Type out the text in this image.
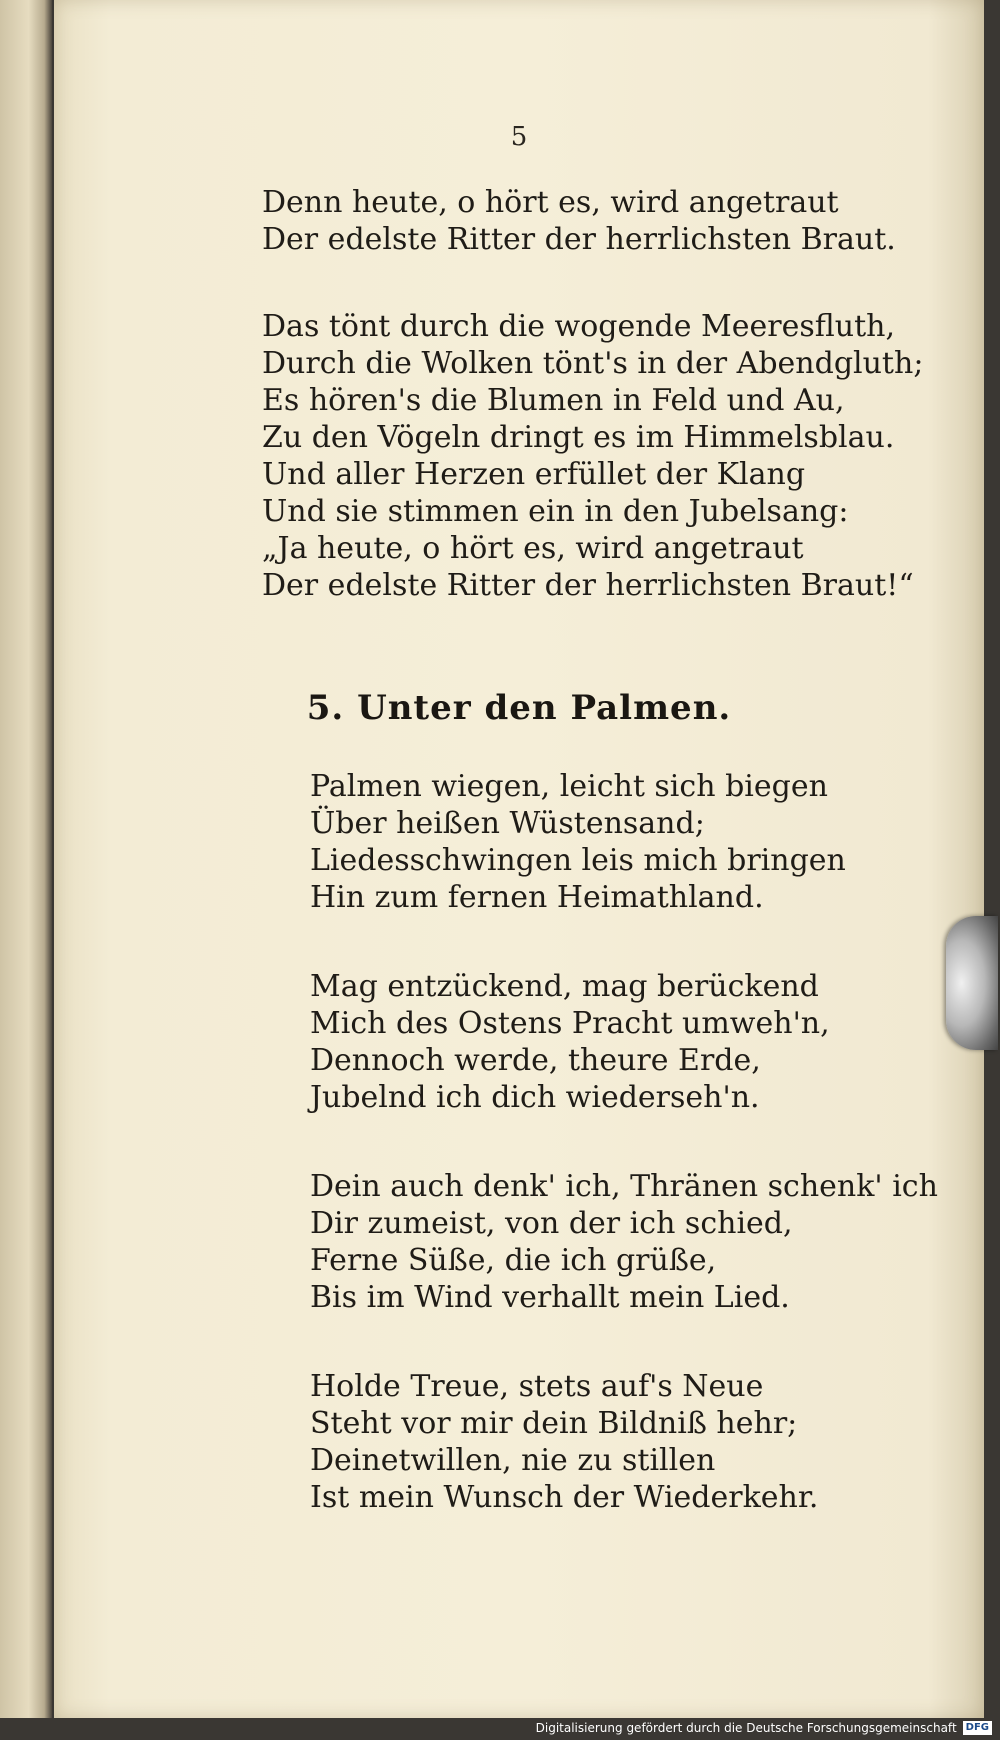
5
Denn heute, o hört es, wird angetraut
Der edelste Ritter der herrlichsten Braut.
Das tönt durch die wogende Meeresfluth,
Durch die Wolken tönt's in der Abendgluth;
Es hören's die Blumen in Feld und Au,
Zu den Vögeln dringt es im Himmelsblau.
Und aller Herzen erfüllet der Klang
Und sie stimmen ein in den Jubelsang:
„Ja heute, o hört es, wird angetraut
Der edelste Ritter der herrlichsten Braut!“
5. Unter den Palmen.
Palmen wiegen, leicht sich biegen
Über heißen Wüstensand;
Liedesschwingen leis mich bringen
Hin zum fernen Heimathland.
Mag entzückend, mag berückend
Mich des Ostens Pracht umweh'n,
Dennoch werde, theure Erde,
Jubelnd ich dich wiederseh'n.
Dein auch denk' ich, Thränen schenk' ich
Dir zumeist, von der ich schied,
Ferne Süße, die ich grüße,
Bis im Wind verhallt mein Lied.
Holde Treue, stets auf's Neue
Steht vor mir dein Bildniß hehr;
Deinetwillen, nie zu stillen
Ist mein Wunsch der Wiederkehr.
Digitalisierung gefördert durch die Deutsche Forschungsgemeinschaft DFG
